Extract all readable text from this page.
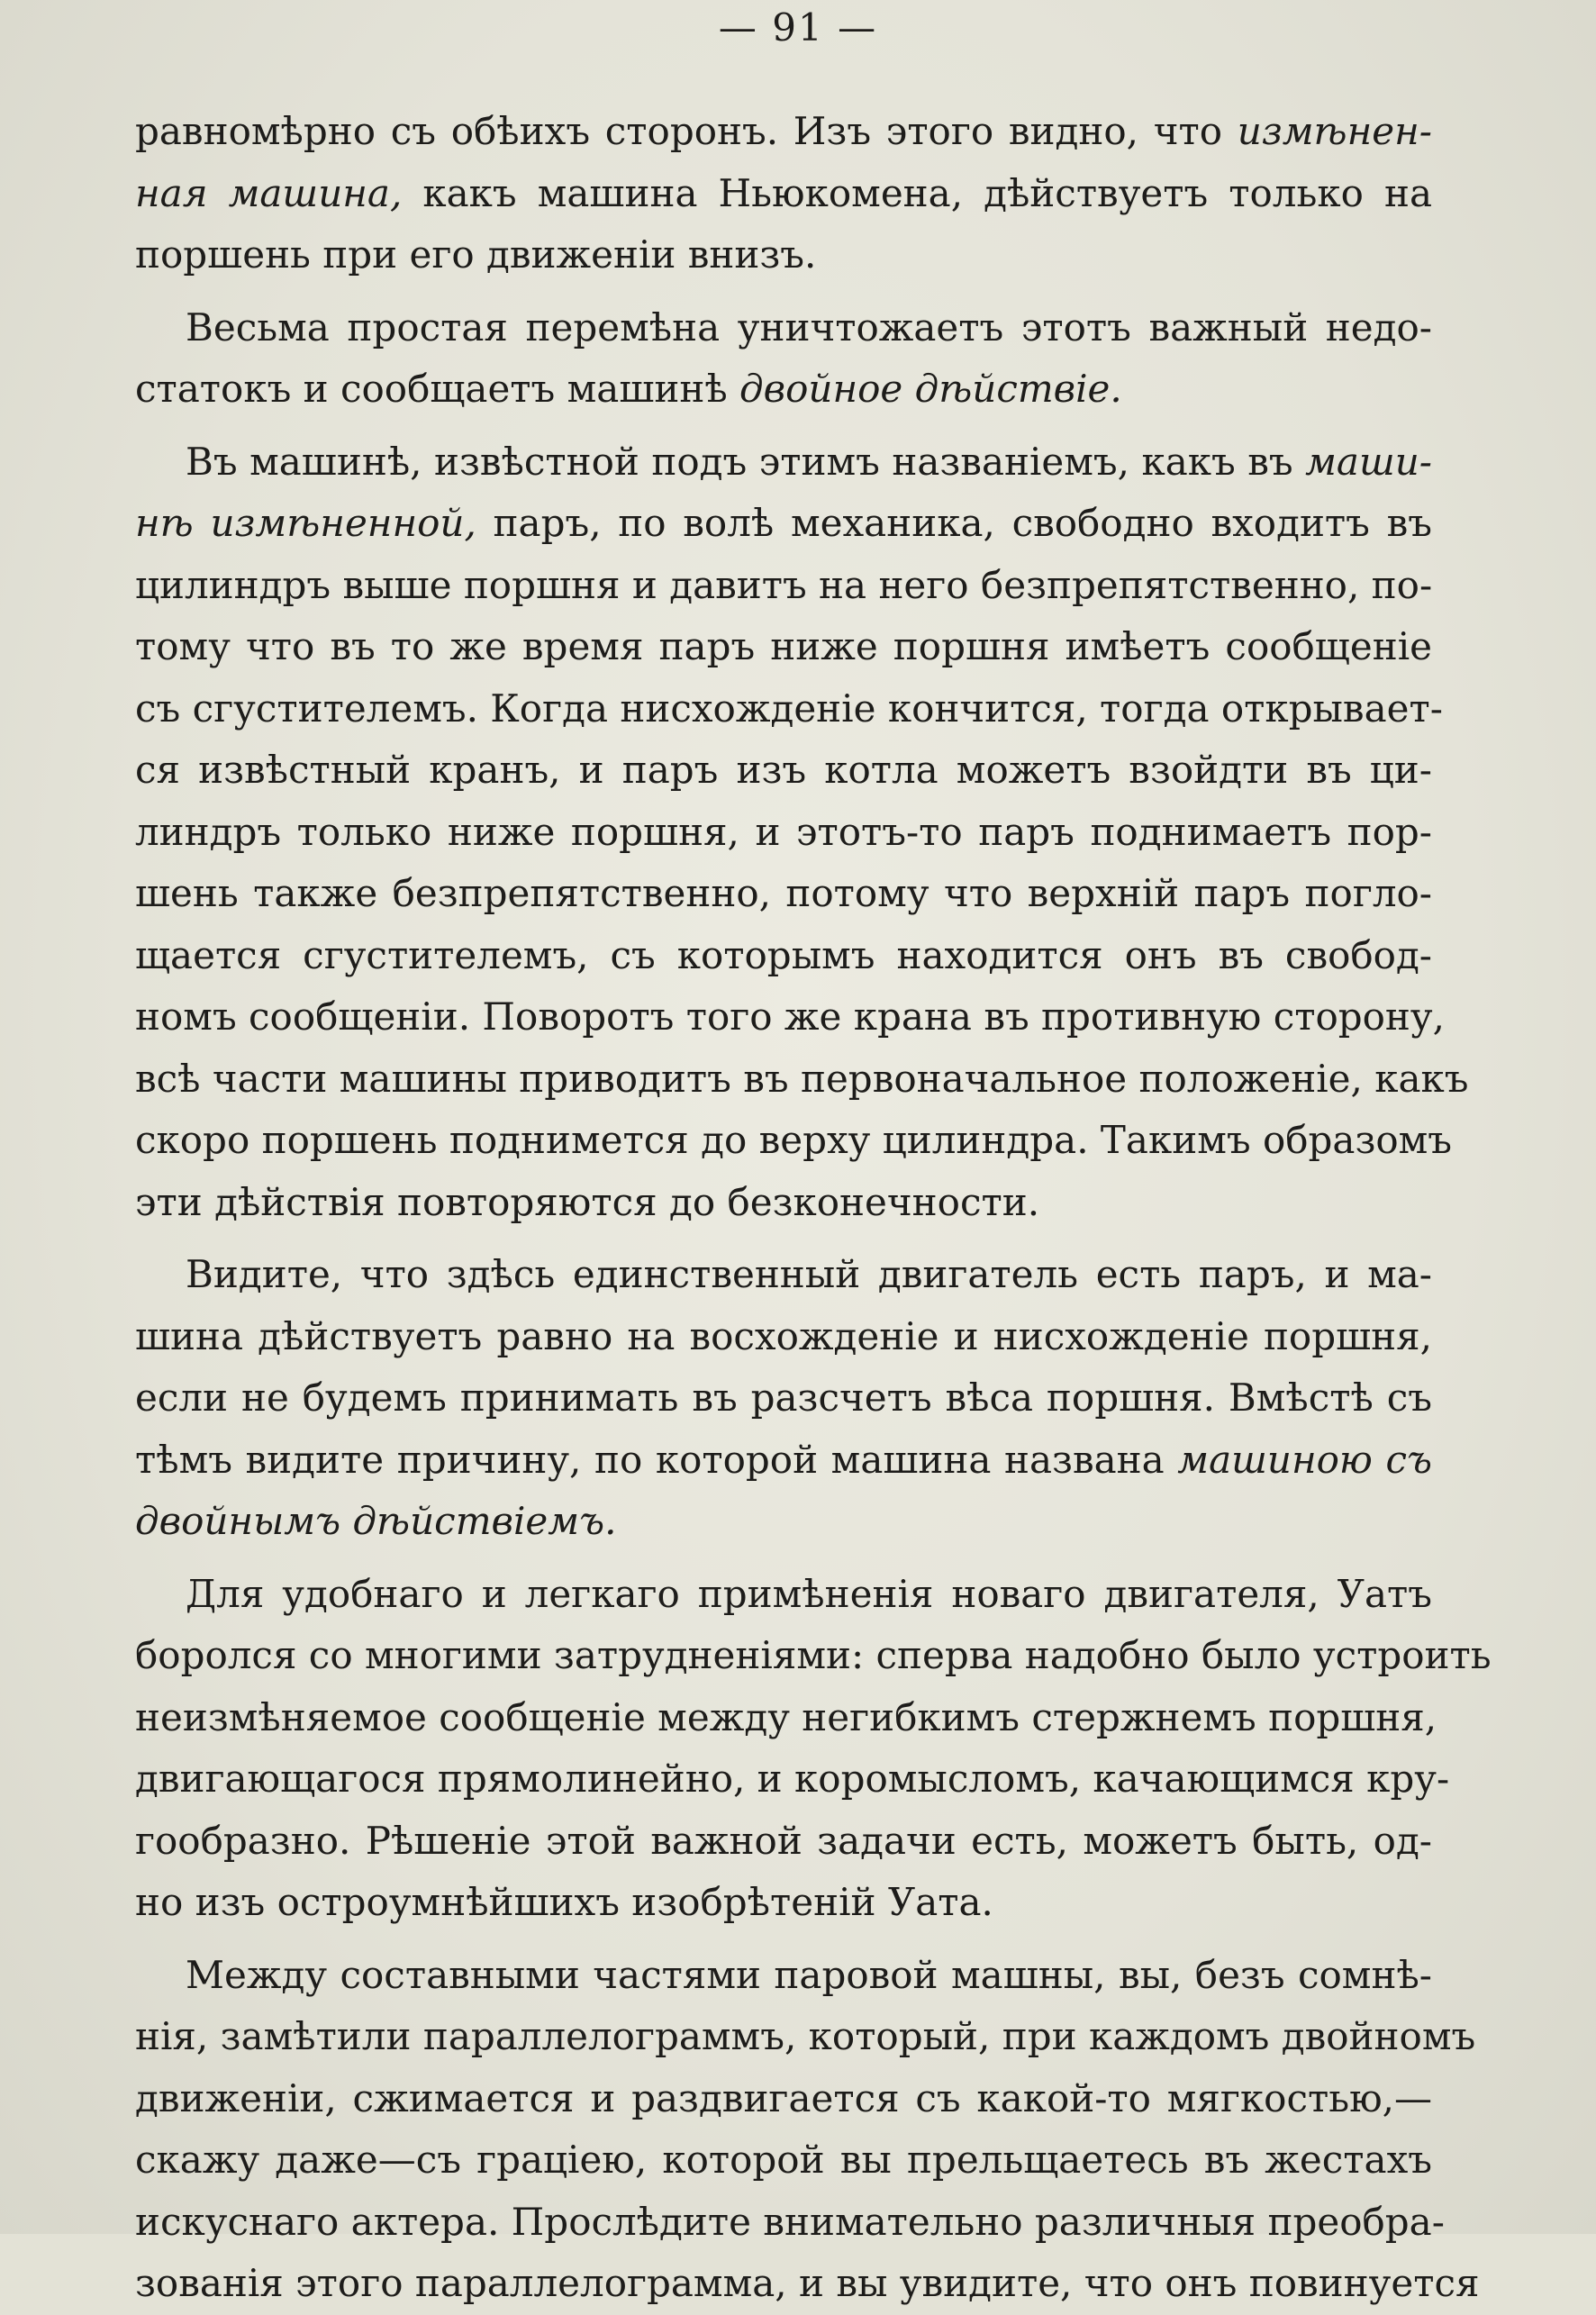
— 91 —
равномѣрно съ обѣихъ сторонъ. Изъ этого видно, что измѣнен-
ная машина, какъ машина Ньюкомена, дѣйствуетъ только на
поршень при его движеніи внизъ.
Весьма простая перемѣна уничтожаетъ этотъ важный недо-
статокъ и сообщаетъ машинѣ двойное дѣйствіе.
Въ машинѣ, извѣстной подъ этимъ названіемъ, какъ въ маши-
нѣ измѣненной, паръ, по волѣ механика, свободно входитъ въ
цилиндръ выше поршня и давитъ на него безпрепятственно, по-
тому что въ то же время паръ ниже поршня имѣетъ сообщеніе
съ сгустителемъ. Когда нисхожденіе кончится, тогда открывает-
ся извѣстный кранъ, и паръ изъ котла можетъ взойдти въ ци-
линдръ только ниже поршня, и этотъ-то паръ поднимаетъ пор-
шень также безпрепятственно, потому что верхній паръ погло-
щается сгустителемъ, съ которымъ находится онъ въ свобод-
номъ сообщеніи. Поворотъ того же крана въ противную сторону,
всѣ части машины приводитъ въ первоначальное положеніе, какъ
скоро поршень поднимется до верху цилиндра. Такимъ образомъ
эти дѣйствія повторяются до безконечности.
Видите, что здѣсь единственный двигатель есть паръ, и ма-
шина дѣйствуетъ равно на восхожденіе и нисхожденіе поршня,
если не будемъ принимать въ разсчетъ вѣса поршня. Вмѣстѣ съ
тѣмъ видите причину, по которой машина названа машиною съ
двойнымъ дѣйствіемъ.
Для удобнаго и легкаго примѣненія новаго двигателя, Уатъ
боролся со многими затрудненіями: сперва надобно было устроить
неизмѣняемое сообщеніе между негибкимъ стержнемъ поршня,
двигающагося прямолинейно, и коромысломъ, качающимся кру-
гообразно. Рѣшеніе этой важной задачи есть, можетъ быть, од-
но изъ остроумнѣйшихъ изобрѣтеній Уата.
Между составными частями паровой машны, вы, безъ сомнѣ-
нія, замѣтили параллелограммъ, который, при каждомъ двойномъ
движеніи, сжимается и раздвигается съ какой-то мягкостью,—
скажу даже—съ граціею, которой вы прельщаетесь въ жестахъ
искуснаго актера. Прослѣдите внимательно различныя преобра-
зованія этого параллелограмма, и вы увидите, что онъ повинуется
